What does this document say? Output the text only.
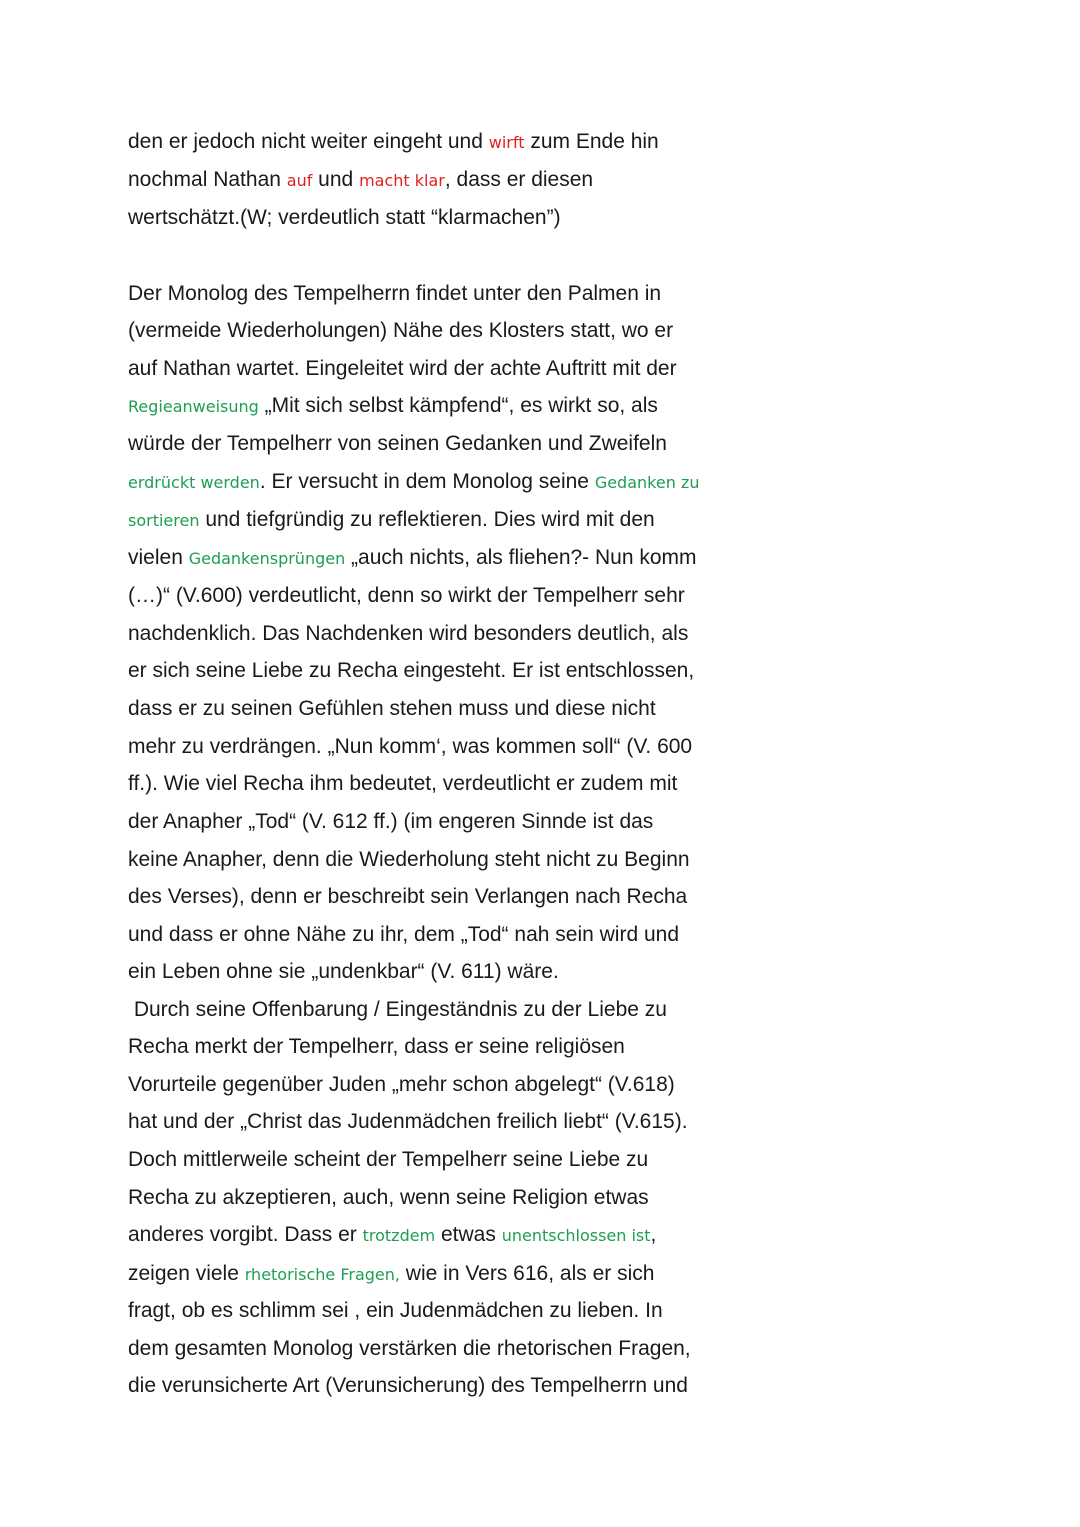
den er jedoch nicht weiter eingeht und wirft zum Ende hin
nochmal Nathan auf und macht klar, dass er diesen
wertschätzt.(W; verdeutlich statt “klarmachen”)
Der Monolog des Tempelherrn findet unter den Palmen in
(vermeide Wiederholungen) Nähe des Klosters statt, wo er
auf Nathan wartet. Eingeleitet wird der achte Auftritt mit der
Regieanweisung „Mit sich selbst kämpfend“, es wirkt so, als
würde der Tempelherr von seinen Gedanken und Zweifeln
erdrückt werden. Er versucht in dem Monolog seine Gedanken zu
sortieren und tiefgründig zu reflektieren. Dies wird mit den
vielen Gedankensprüngen „auch nichts, als fliehen?- Nun komm
(…)“ (V.600) verdeutlicht, denn so wirkt der Tempelherr sehr
nachdenklich. Das Nachdenken wird besonders deutlich, als
er sich seine Liebe zu Recha eingesteht. Er ist entschlossen,
dass er zu seinen Gefühlen stehen muss und diese nicht
mehr zu verdrängen. „Nun komm‘, was kommen soll“ (V. 600
ff.). Wie viel Recha ihm bedeutet, verdeutlicht er zudem mit
der Anapher „Tod“ (V. 612 ff.) (im engeren Sinnde ist das
keine Anapher, denn die Wiederholung steht nicht zu Beginn
des Verses), denn er beschreibt sein Verlangen nach Recha
und dass er ohne Nähe zu ihr, dem „Tod“ nah sein wird und
ein Leben ohne sie „undenkbar“ (V. 611) wäre.
Durch seine Offenbarung / Eingeständnis zu der Liebe zu
Recha merkt der Tempelherr, dass er seine religiösen
Vorurteile gegenüber Juden „mehr schon abgelegt“ (V.618)
hat und der „Christ das Judenmädchen freilich liebt“ (V.615).
Doch mittlerweile scheint der Tempelherr seine Liebe zu
Recha zu akzeptieren, auch, wenn seine Religion etwas
anderes vorgibt. Dass er trotzdem etwas unentschlossen ist,
zeigen viele rhetorische Fragen, wie in Vers 616, als er sich
fragt, ob es schlimm sei , ein Judenmädchen zu lieben. In
dem gesamten Monolog verstärken die rhetorischen Fragen,
die verunsicherte Art (Verunsicherung) des Tempelherrn und
